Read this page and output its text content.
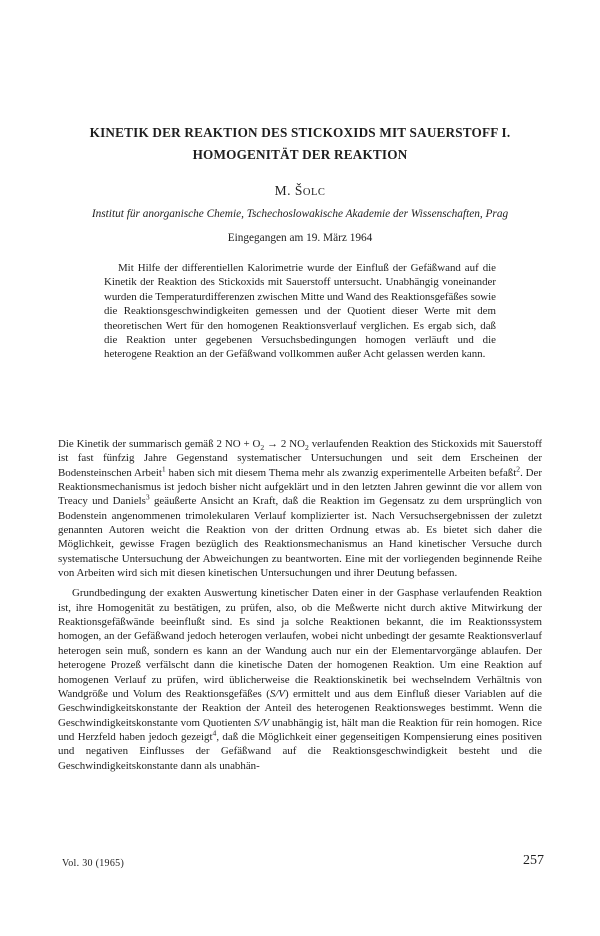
KINETIK DER REAKTION DES STICKOXIDS MIT SAUERSTOFF I.
HOMOGENITÄT DER REAKTION
M. ŠOLC
Institut für anorganische Chemie, Tschechoslowakische Akademie der Wissenschaften, Prag
Eingegangen am 19. März 1964

Mit Hilfe der differentiellen Kalorimetrie wurde der Einfluß der Gefäßwand auf die Kinetik der Reaktion des Stickoxids mit Sauerstoff untersucht. Unabhängig voneinander wurden die Temperaturdifferenzen zwischen Mitte und Wand des Reaktionsgefäßes sowie die Reaktionsgeschwindigkeiten gemessen und der Quotient dieser Werte mit dem theoretischen Wert für den homogenen Reaktionsverlauf verglichen. Es ergab sich, daß die Reaktion unter gegebenen Versuchsbedingungen homogen verläuft und die heterogene Reaktion an der Gefäßwand vollkommen außer Acht gelassen werden kann.

Die Kinetik der summarisch gemäß 2 NO + $O_2 \to 2$ $NO_2$ verlaufenden Reaktion des Stickoxids mit Sauerstoff ist fast fünfzig Jahre Gegenstand systematischer Untersuchungen und seit dem Erscheinen der Bodensteinschen Arbeit$^1$ haben sich mit diesem Thema mehr als zwanzig experimentelle Arbeiten befaßt$^2$. Der Reaktionsmechanismus ist jedoch bisher nicht aufgeklärt und in den letzten Jahren gewinnt die vor allem von Treacy und Daniels$^3$ geäußerte Ansicht an Kraft, daß die Reaktion im Gegensatz zu dem ursprünglich von Bodenstein angenommenen trimolekularen Verlauf komplizierter ist. Nach Versuchsergebnissen der zuletzt genannten Autoren weicht die Reaktion von der dritten Ordnung etwas ab. Es bietet sich daher die Möglichkeit, gewisse Fragen bezüglich des Reaktionsmechanismus an Hand kinetischer Versuche durch systematische Untersuchung der Abweichungen zu beantworten. Eine mit der vorliegenden beginnende Reihe von Arbeiten wird sich mit diesen kinetischen Untersuchungen und ihrer Deutung befassen.

Grundbedingung der exakten Auswertung kinetischer Daten einer in der Gasphase verlaufenden Reaktion ist, ihre Homogenität zu bestätigen, zu prüfen, also, ob die Meßwerte nicht durch aktive Mitwirkung der Reaktionsgefäßwände beeinflußt sind. Es sind ja solche Reaktionen bekannt, die im Reaktionssystem homogen, an der Gefäßwand jedoch heterogen verlaufen, wobei nicht unbedingt der gesamte Reaktionsverlauf heterogen sein muß, sondern es kann an der Wandung auch nur ein der Elementarvorgänge ablaufen. Der heterogene Prozeß verfälscht dann die kinetische Daten der homogenen Reaktion. Um eine Reaktion auf homogenen Verlauf zu prüfen, wird üblicherweise die Reaktionskinetik bei wechselndem Verhältnis von Wandgröße und Volum des Reaktionsgefäßes (S/V) ermittelt und aus dem Einfluß dieser Variablen auf die Geschwindigkeitskonstante der Reaktion der Anteil des heterogenen Reaktionsweges bestimmt. Wenn die Geschwindigkeitskonstante vom Quotienten S/V unabhängig ist, hält man die Reaktion für rein homogen. Rice und Herzfeld haben jedoch gezeigt$^4$, daß die Möglichkeit einer gegenseitigen Kompensierung eines positiven und negativen Einflusses der Gefäßwand auf die Reaktionsgeschwindigkeit besteht und die Geschwindigkeitskonstante dann als unabhän-

Vol. 30 (1965)	257
